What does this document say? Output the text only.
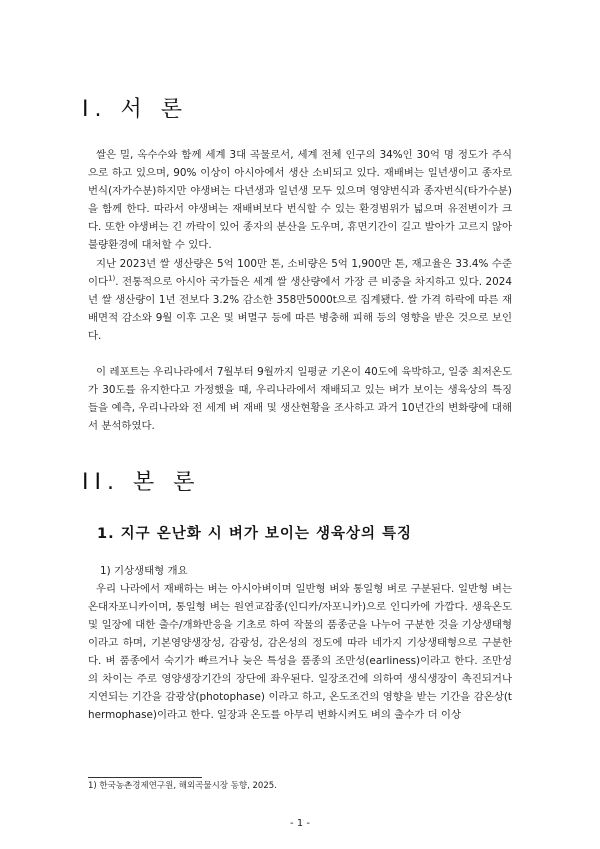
I. 서 론

쌀은 밀, 옥수수와 함께 세계 3대 곡물로서, 세계 전체 인구의 34%인 30억 명 정도가 주식으로 하고 있으며, 90% 이상이 아시아에서 생산 소비되고 있다. 재배벼는 일년생이고 종자로 번식(자가수분)하지만 야생벼는 다년생과 일년생 모두 있으며 영양번식과 종자번식(타가수분)을 함께 한다. 따라서 야생벼는 재배벼보다 번식할 수 있는 환경범위가 넓으며 유전변이가 크다. 또한 야생벼는 긴 까락이 있어 종자의 분산을 도우며, 휴면기간이 길고 발아가 고르지 않아 불량환경에 대처할 수 있다.

지난 2023년 쌀 생산량은 5억 100만 톤, 소비량은 5억 1,900만 톤, 재고율은 33.4% 수준이다$^{1)}$. 전통적으로 아시아 국가들은 세계 쌀 생산량에서 가장 큰 비중을 차지하고 있다. 2024년 쌀 생산량이 1년 전보다 3.2% 감소한 358만5000t으로 집계됐다. 쌀 가격 하락에 따른 재배면적 감소와 9월 이후 고온 및 벼멸구 등에 따른 병충해 피해 등의 영향을 받은 것으로 보인다.

이 레포트는 우리나라에서 7월부터 9월까지 일평균 기온이 40도에 육박하고, 일중 최저온도가 30도를 유지한다고 가정했을 때, 우리나라에서 재배되고 있는 벼가 보이는 생육상의 특징들을 예측, 우리나라와 전 세계 벼 재배 및 생산현황을 조사하고 과거 10년간의 변화량에 대해서 분석하였다.

II. 본 론
1. 지구 온난화 시 벼가 보이는 생육상의 특징

1) 기상생태형 개요

우리 나라에서 재배하는 벼는 아시아벼이며 일반형 벼와 통일형 벼로 구분된다. 일반형 벼는 온대자포니카이며, 통일형 벼는 원연교잡종(인디카/자포니카)으로 인디카에 가깝다. 생육온도 및 일장에 대한 출수/개화반응을 기초로 하여 작물의 품종군을 나누어 구분한 것을 기상생태형이라고 하며, 기본영양생장성, 감광성, 감온성의 정도에 따라 네가지 기상생태형으로 구분한다. 벼 품종에서 숙기가 빠르거나 늦은 특성을 품종의 조만성(earliness)이라고 한다. 조만성의 차이는 주로 영양생장기간의 장단에 좌우된다. 일장조건에 의하여 생식생장이 촉진되거나 지연되는 기간을 감광상(photophase) 이라고 하고, 온도조건의 영향을 받는 기간을 감온상(thermophase)이라고 한다. 일장과 온도를 아무리 변화시켜도 벼의 출수가 더 이상

1) 한국농촌경제연구원, 해외곡물시장 동향, 2025.

- 1 -
